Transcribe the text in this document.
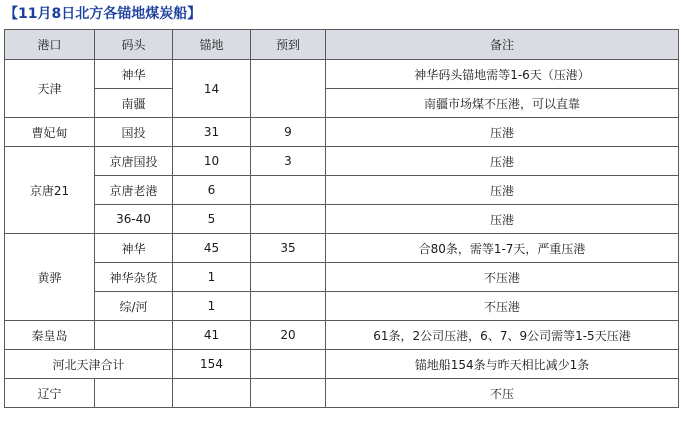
【11月8日北方各锚地煤炭船】
港口	码头	锚地	预到	备注
天津	神华	14		神华码头锚地需等1-6天（压港）
	南疆			南疆市场煤不压港，可以直靠
曹妃甸	国投	31	9	压港
京唐21	京唐国投	10	3	压港
	京唐老港	6		压港
	36-40	5		压港
黄骅	神华	45	35	合80条，需等1-7天，严重压港
	神华杂货	1		不压港
	综/河	1		不压港
秦皇岛		41	20	61条，2公司压港，6、7、9公司需等1-5天压港
河北天津合计		154		锚地船154条与昨天相比减少1条
辽宁				不压
